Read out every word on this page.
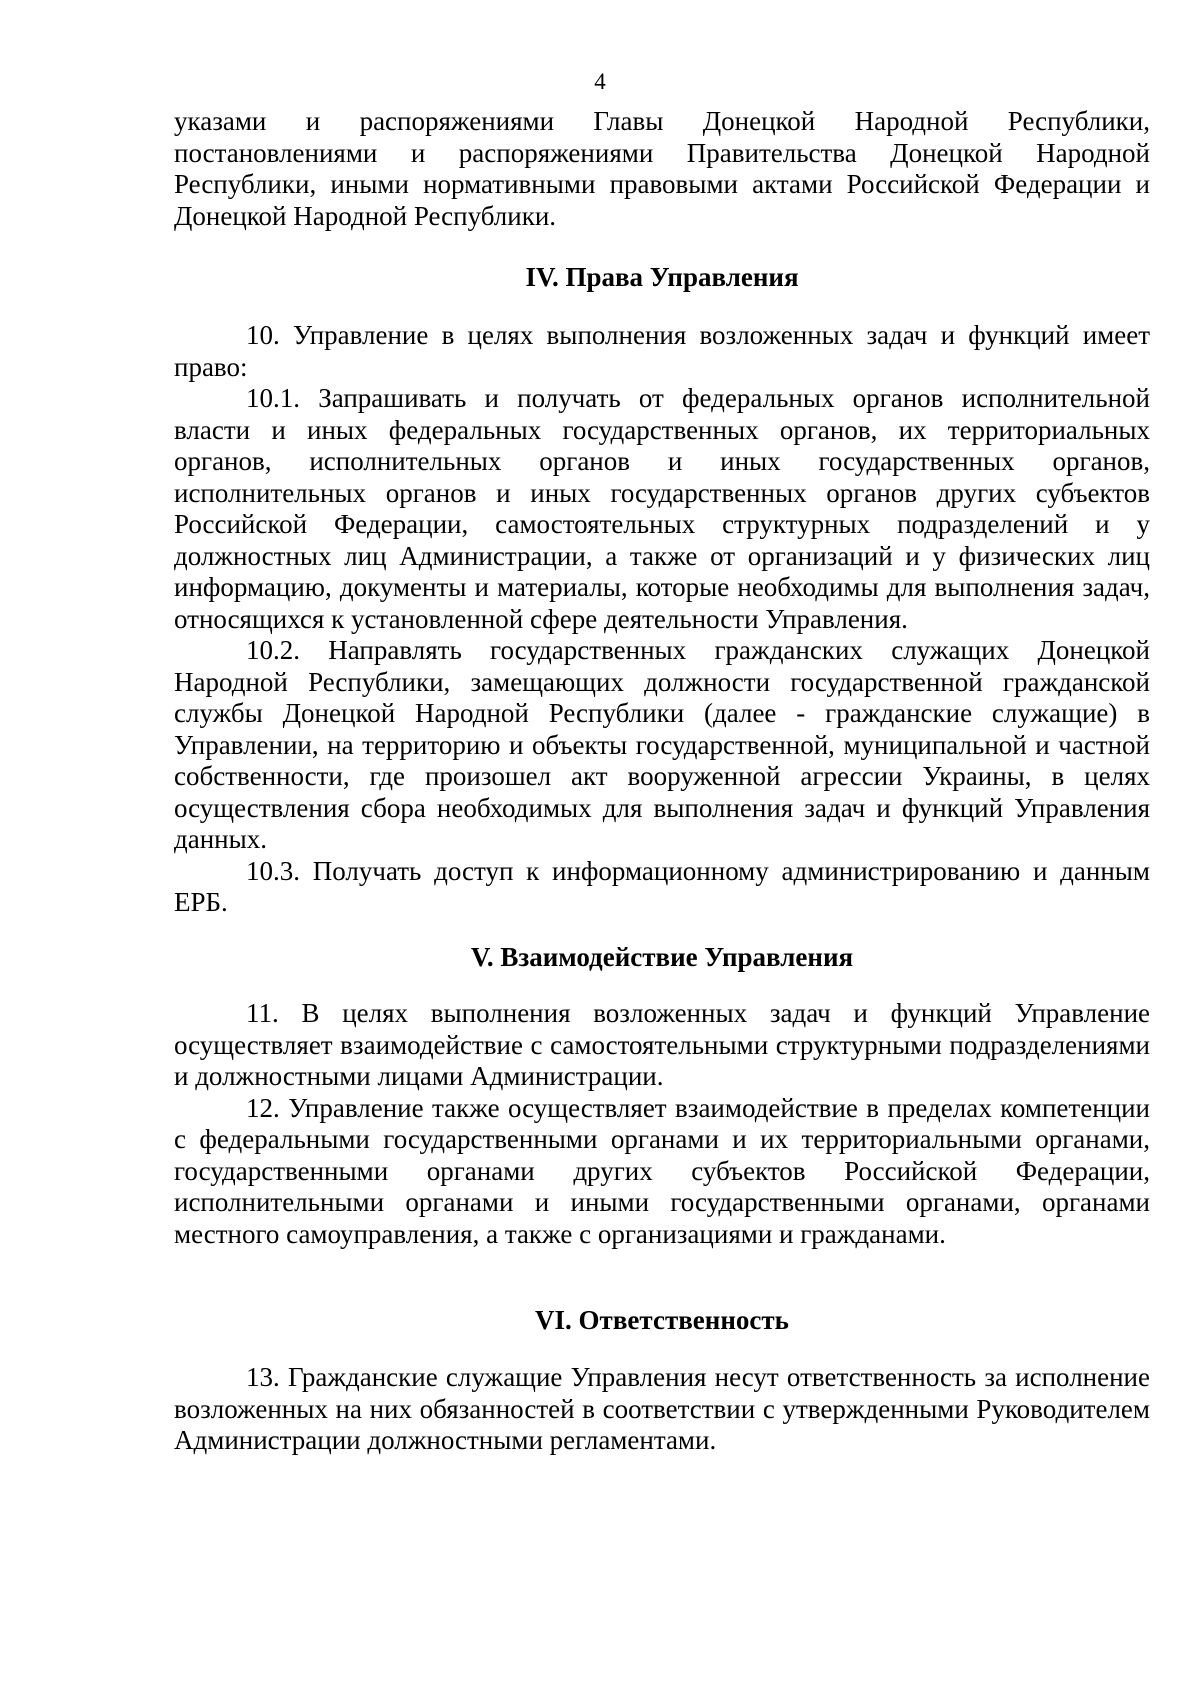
4

указами и распоряжениями Главы Донецкой Народной Республики, постановлениями и распоряжениями Правительства Донецкой Народной Республики, иными нормативными правовыми актами Российской Федерации и Донецкой Народной Республики.

IV. Права Управления

10. Управление в целях выполнения возложенных задач и функций имеет право:

10.1. Запрашивать и получать от федеральных органов исполнительной власти и иных федеральных государственных органов, их территориальных органов, исполнительных органов и иных государственных органов, исполнительных органов и иных государственных органов других субъектов Российской Федерации, самостоятельных структурных подразделений и у должностных лиц Администрации, а также от организаций и у физических лиц информацию, документы и материалы, которые необходимы для выполнения задач, относящихся к установленной сфере деятельности Управления.

10.2. Направлять государственных гражданских служащих Донецкой Народной Республики, замещающих должности государственной гражданской службы Донецкой Народной Республики (далее - гражданские служащие) в Управлении, на территорию и объекты государственной, муниципальной и частной собственности, где произошел акт вооруженной агрессии Украины, в целях осуществления сбора необходимых для выполнения задач и функций Управления данных.

10.3. Получать доступ к информационному администрированию и данным ЕРБ.

V. Взаимодействие Управления

11. В целях выполнения возложенных задач и функций Управление осуществляет взаимодействие с самостоятельными структурными подразделениями и должностными лицами Администрации.

12. Управление также осуществляет взаимодействие в пределах компетенции с федеральными государственными органами и их территориальными органами, государственными органами других субъектов Российской Федерации, исполнительными органами и иными государственными органами, органами местного самоуправления, а также с организациями и гражданами.

VI. Ответственность

13. Гражданские служащие Управления несут ответственность за исполнение возложенных на них обязанностей в соответствии с утвержденными Руководителем Администрации должностными регламентами.
